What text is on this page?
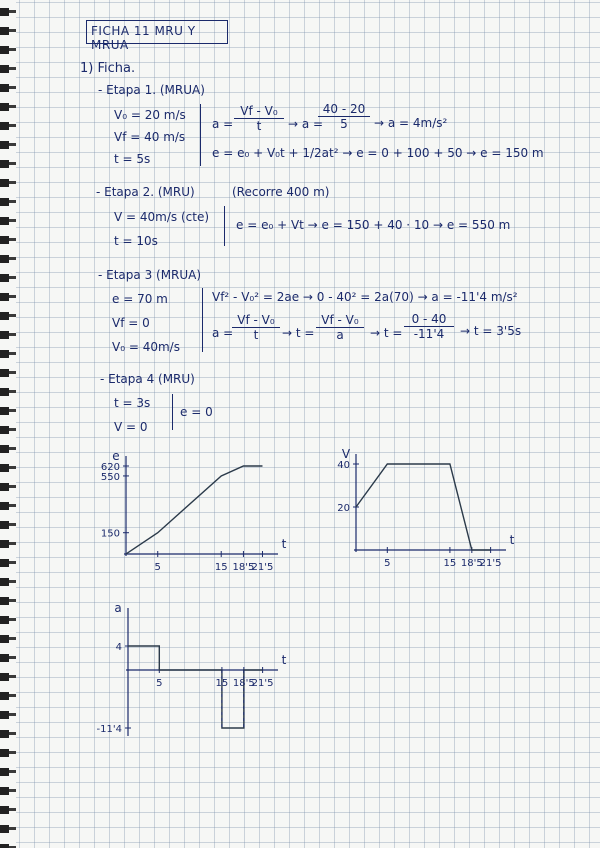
FICHA 11 MRU Y MRUA
1) Ficha.
- Etapa 1. (MRUA)
V₀ = 20 m/s
Vf = 40 m/s
t = 5s
$a = \frac{\text{Vf - V₀}}{t} \to a$ =
$\frac{40 - 20}{5} \to a = 4m/s^2$
e = e₀ + V₀t + 1/2at² → e = 0 + 100 + 50 → e = 150 m
- Etapa 2. (MRU)	(Recorre 400 m)
V = 40m/s (cte)
t = 10s
e = e₀ + Vt → e = 150 + 40 · 10 → e = 550 m
- Etapa 3 (MRUA)
e = 70 m
Vf = 0
V₀ = 40m/s
Vf² - V₀² = 2ae → 0 - 40² = 2a(70) → a = -11'4 m/s²
a =
$\frac{\text{Vf - V₀}}{t} \to t = \frac{\text{Vf - V₀}}{a} \to t = \frac{0 - 40}{-11'4} \to t = 3'5s$
- Etapa 4 (MRU)
t = 3s
V = 0
e = 0
e
t
5	15 18'5
21'5
620
550
150
V
t
5	15 18'5
21'5
40
20
a
t
5	15 18'5
21'5
4
-11'4
